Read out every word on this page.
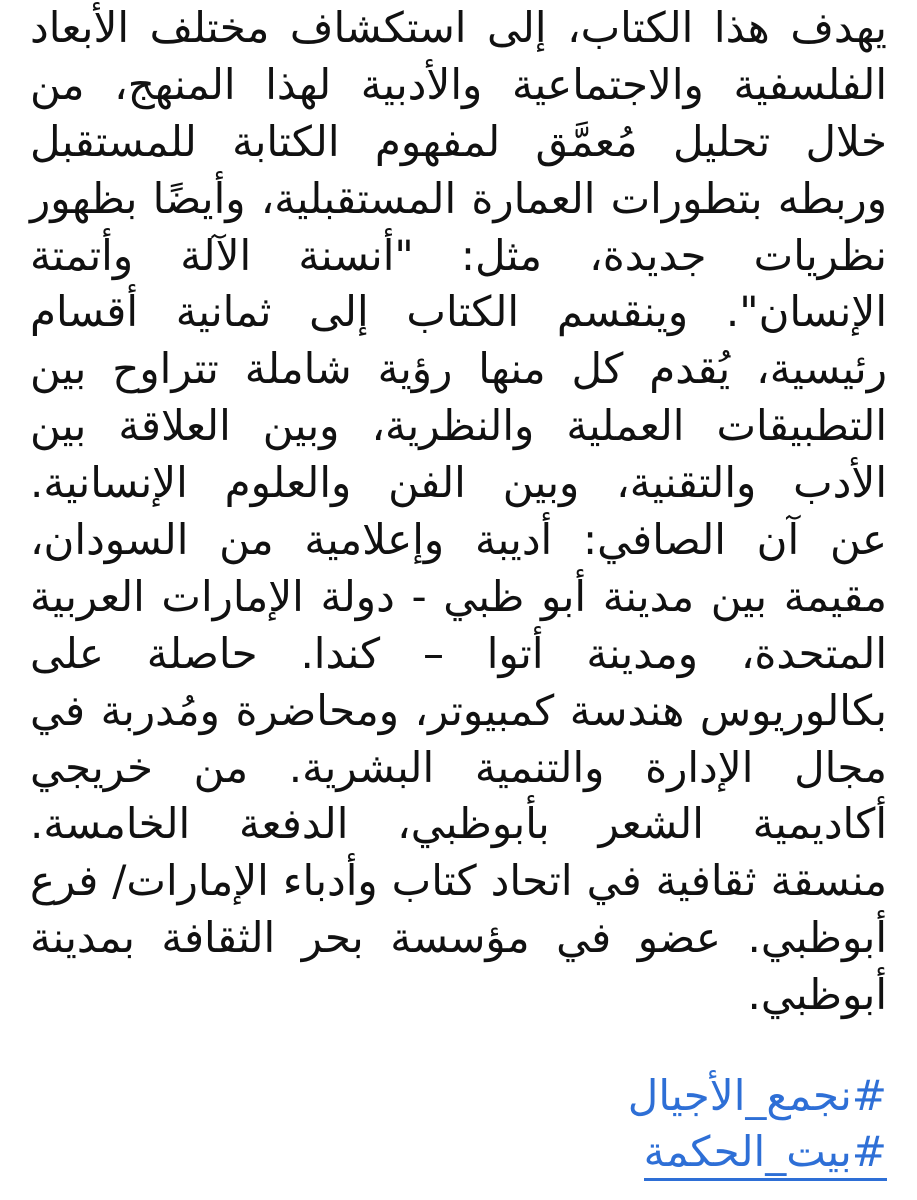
يهدف هذا الكتاب، إلى استكشاف مختلف الأبعاد
الفلسفية والاجتماعية والأدبية لهذا المنهج، من
خلال تحليل مُعمَّق لمفهوم الكتابة للمستقبل
وربطه بتطورات العمارة المستقبلية، وأيضًا بظهور
نظريات جديدة، مثل: "أنسنة الآلة وأتمتة
الإنسان". وينقسم الكتاب إلى ثمانية أقسام
رئيسية، يُقدم كل منها رؤية شاملة تتراوح بين
التطبيقات العملية والنظرية، وبين العلاقة بين
الأدب والتقنية، وبين الفن والعلوم الإنسانية.
عن آن الصافي: أديبة وإعلامية من السودان،
مقيمة بين مدينة أبو ظبي - دولة الإمارات العربية
المتحدة، ومدينة أتوا – كندا. حاصلة على
بكالوريوس هندسة كمبيوتر، ومحاضرة ومُدربة في
مجال الإدارة والتنمية البشرية. من خريجي
أكاديمية الشعر بأبوظبي، الدفعة الخامسة.
منسقة ثقافية في اتحاد كتاب وأدباء الإمارات/ فرع
أبوظبي. عضو في مؤسسة بحر الثقافة بمدينة
أبوظبي.
#نجمع_الأجيال
#بيت_الحكمة
